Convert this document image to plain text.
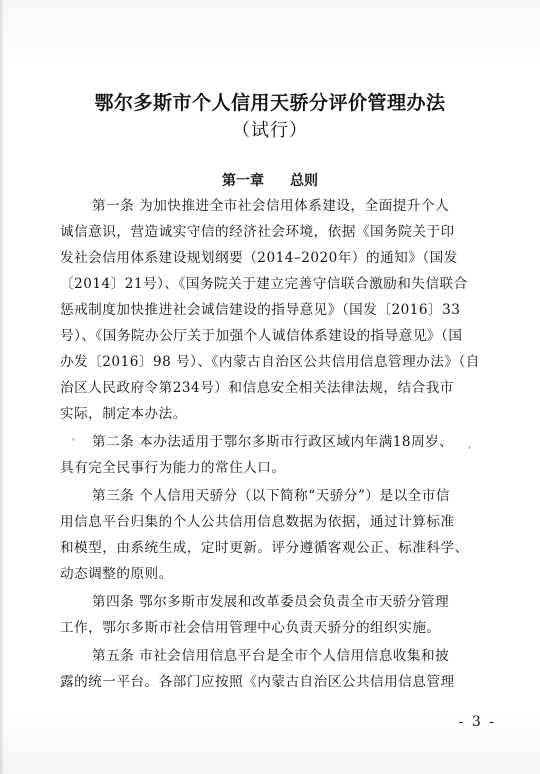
鄂尔多斯市个人信用天骄分评价管理办法
（试行）
第一章 总则
第一条 为加快推进全市社会信用体系建设，全面提升个人
诚信意识，营造诚实守信的经济社会环境，依据《国务院关于印
发社会信用体系建设规划纲要（2014–2020年）的通知》（国发
〔2014〕21号）、《国务院关于建立完善守信联合激励和失信联合
惩戒制度加快推进社会诚信建设的指导意见》（国发〔2016〕33
号）、《国务院办公厅关于加强个人诚信体系建设的指导意见》（国
办发〔2016〕98 号）、《内蒙古自治区公共信用信息管理办法》（自
治区人民政府令第234号）和信息安全相关法律法规，结合我市
实际，制定本办法。
第二条 本办法适用于鄂尔多斯市行政区域内年满18周岁、
具有完全民事行为能力的常住人口。
第三条 个人信用天骄分（以下简称“天骄分”）是以全市信
用信息平台归集的个人公共信用信息数据为依据，通过计算标准
和模型，由系统生成，定时更新。评分遵循客观公正、标准科学、
动态调整的原则。
第四条 鄂尔多斯市发展和改革委员会负责全市天骄分管理
工作，鄂尔多斯市社会信用管理中心负责天骄分的组织实施。
第五条 市社会信用信息平台是全市个人信用信息收集和披
露的统一平台。各部门应按照《内蒙古自治区公共信用信息管理
- 3 -
